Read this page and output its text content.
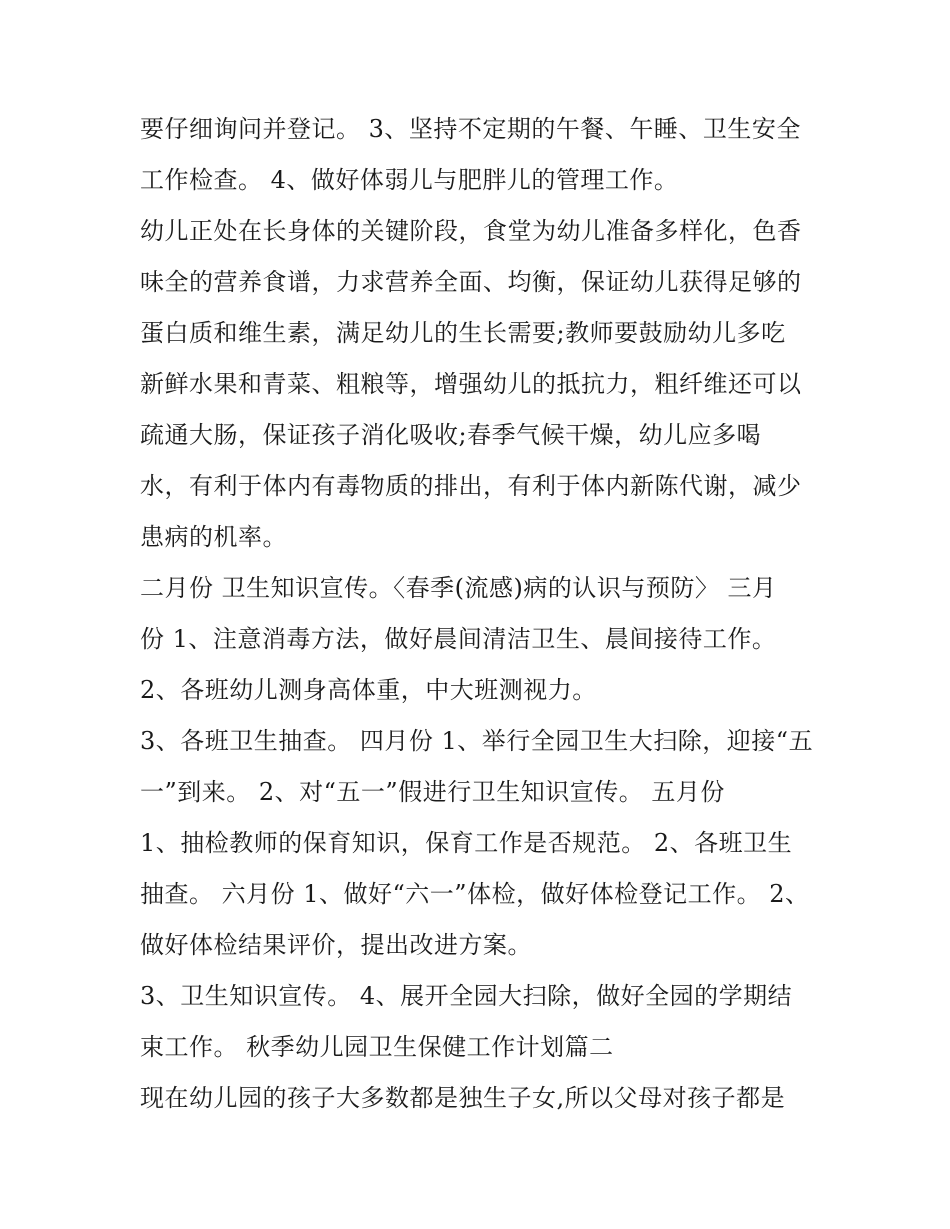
要仔细询问并登记。 3、坚持不定期的午餐、午睡、卫生安全
工作检查。 4、做好体弱儿与肥胖儿的管理工作。
幼儿正处在长身体的关键阶段，食堂为幼儿准备多样化，色香
味全的营养食谱，力求营养全面、均衡，保证幼儿获得足够的
蛋白质和维生素，满足幼儿的生长需要;教师要鼓励幼儿多吃
新鲜水果和青菜、粗粮等，增强幼儿的抵抗力，粗纤维还可以
疏通大肠，保证孩子消化吸收;春季气候干燥，幼儿应多喝
水，有利于体内有毒物质的排出，有利于体内新陈代谢，减少
患病的机率。
二月份 卫生知识宣传。〈春季(流感)病的认识与预防〉 三月
份 1、注意消毒方法，做好晨间清洁卫生、晨间接待工作。
2、各班幼儿测身高体重，中大班测视力。
3、各班卫生抽查。 四月份 1、举行全园卫生大扫除，迎接“五
一”到来。 2、对“五一”假进行卫生知识宣传。 五月份
1、抽检教师的保育知识，保育工作是否规范。 2、各班卫生
抽查。 六月份 1、做好“六一”体检，做好体检登记工作。 2、
做好体检结果评价，提出改进方案。
3、卫生知识宣传。 4、展开全园大扫除，做好全园的学期结
束工作。 秋季幼儿园卫生保健工作计划篇二
现在幼儿园的孩子大多数都是独生子女,所以父母对孩子都是
